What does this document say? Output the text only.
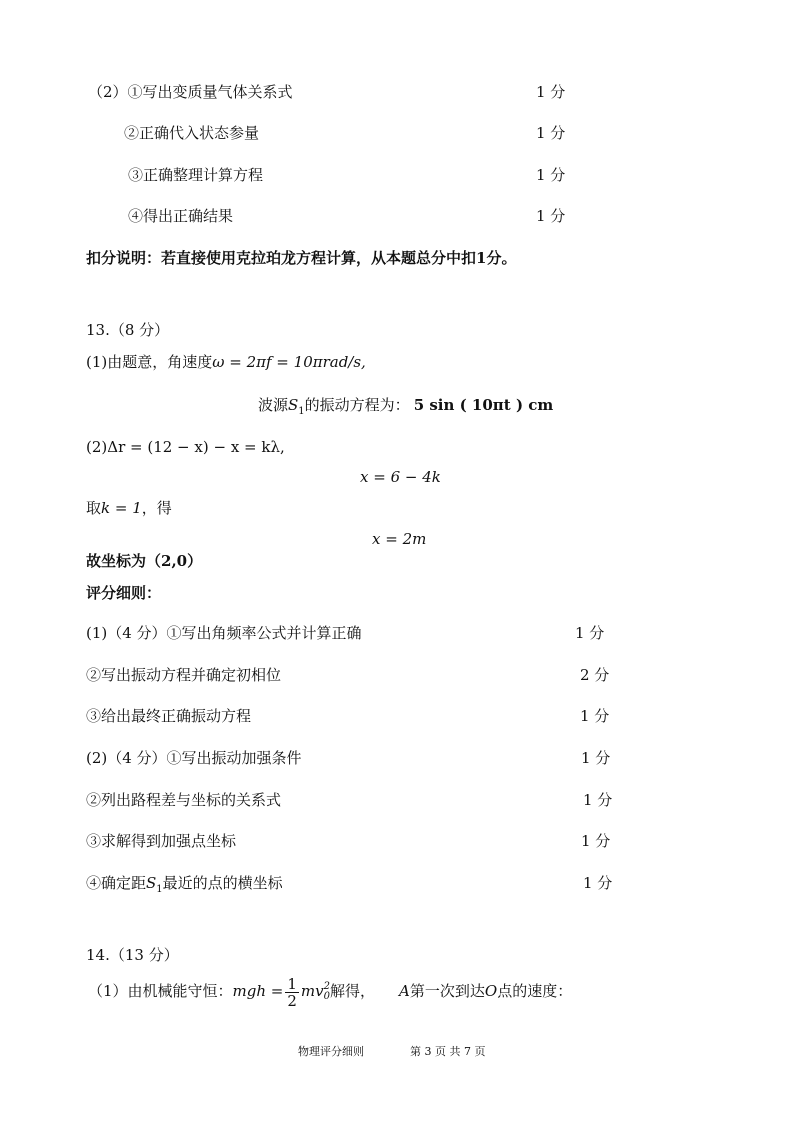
（2）①写出变质量气体关系式	1 分
②正确代入状态参量	1 分
③正确整理计算方程	1 分
④得出正确结果	1 分
扣分说明：若直接使用克拉珀龙方程计算，从本题总分中扣1分。
13.（8 分）
(1)由题意，角速度ω = 2πf = 10πrad/s,
波源$S_1$的振动方程为： 5 sin ( 10πt ) cm
(2)Δr = (12 − x) − x = kλ,
x = 6 − 4k
取k = 1，得
x = 2m
故坐标为（2,0）
评分细则：
(1)（4 分）①写出角频率公式并计算正确	1 分
②写出振动方程并确定初相位	2 分
③给出最终正确振动方程	1 分
(2)（4 分）①写出振动加强条件	1 分
②列出路程差与坐标的关系式	1 分
③求解得到加强点坐标	1 分
④确定距$S_1$最近的点的横坐标	1 分
14.（13 分）
（1）由机械能守恒：mgh = $\frac{1}{2}$ mv 2
0 解得， A第一次到达O点的速度：
物理评分细则	第 3 页 共 7 页
